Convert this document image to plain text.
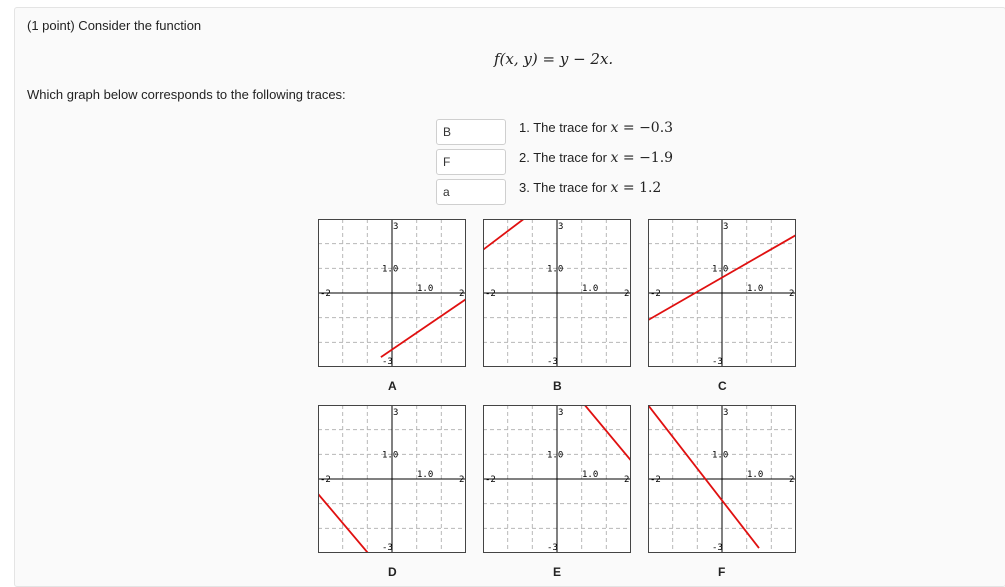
(1 point) Consider the function
f(x, y) = y − 2x.
Which graph below corresponds to the following traces:
B
F
a
1. The trace for x = −0.3
2. The trace for x = −1.9
3. The trace for x = 1.2
3
1.0
-3
-2	1.0	2
A
3
1.0
-3
-2	1.0	2
B
3
1.0
-3
-2	1.0	2
C
3
1.0
-3
-2	1.0	2
D
3
1.0
-3
-2	1.0	2
E
3
1.0
-3
-2	1.0	2
F
